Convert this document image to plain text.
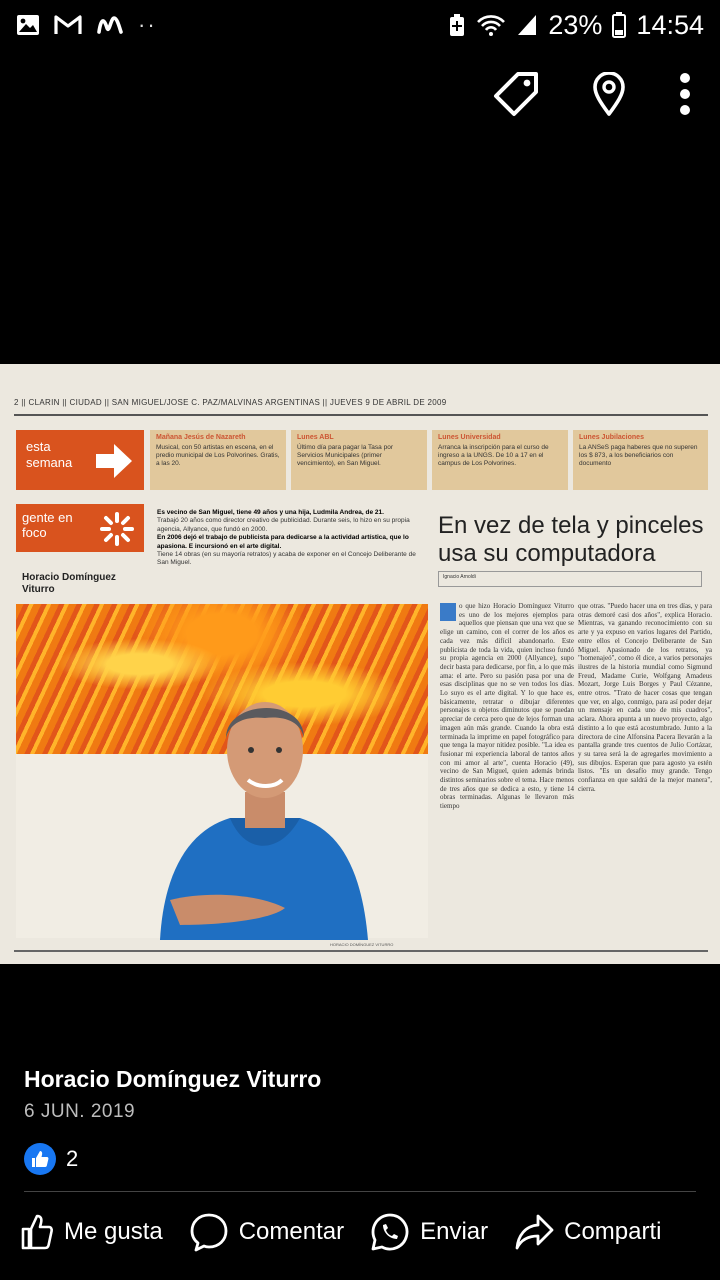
··	23% 14:54
2 || CLARIN || CIUDAD || SAN MIGUEL/JOSE C. PAZ/MALVINAS ARGENTINAS || JUEVES 9 DE ABRIL DE 2009
esta semana
Mañana Jesús de Nazareth
Musical, con 50 artistas en escena, en el predio municipal de Los Polvorines. Gratis, a las 20.
Lunes ABL
Último día para pagar la Tasa por Servicios Municipales (primer vencimiento), en San Miguel.
Lunes Universidad
Arranca la inscripción para el curso de ingreso a la UNGS. De 10 a 17 en el campus de Los Polvorines.
Lunes Jubilaciones
La ANSeS paga haberes que no superen los $ 873, a los beneficiarios con documento
gente en foco
Es vecino de San Miguel, tiene 49 años y una hija, Ludmila Andrea, de 21.
Trabajó 20 años como director creativo de publicidad. Durante seis, lo hizo en su propia agencia, Allyance, que fundó en 2000.
En 2006 dejó el trabajo de publicista para dedicarse a la actividad artística, que lo apasiona. E incursionó en el arte digital.
Tiene 14 obras (en su mayoría retratos) y acaba de exponer en el Concejo Deliberante de San Miguel.
Horacio Domínguez Viturro
En vez de tela y pinceles usa su computadora
Ignacio Arnoldi
o que hizo Horacio Domínguez Viturro es uno de los mejores ejemplos para aquellos que piensan que una vez que se elige un camino, con el correr de los años es cada vez más difícil abandonarlo. Este publicista de toda la vida, quien incluso fundó su propia agencia en 2000 (Allyance), supo decir basta para dedicarse, por fin, a lo que más ama: el arte. Pero su pasión pasa por una de esas disciplinas que no se ven todos los días. Lo suyo es el arte digital. Y lo que hace es, básicamente, retratar o dibujar diferentes personajes u objetos diminutos que se puedan apreciar de cerca pero que de lejos forman una imagen aún más grande. Cuando la obra está terminada la imprime en papel fotográfico para que tenga la mayor nitidez posible. "La idea es fusionar mi experiencia laboral de tantos años con mi amor al arte", cuenta Horacio (49), vecino de San Miguel, quien además brinda distintos seminarios sobre el tema. Hace menos de tres años que se dedica a esto, y tiene 14 obras terminadas. Algunas le llevaron más tiempo
que otras. "Puedo hacer una en tres días, y para otras demoré casi dos años", explica Horacio. Mientras, va ganando reconocimiento con su arte y ya expuso en varios lugares del Partido, entre ellos el Concejo Deliberante de San Miguel. Apasionado de los retratos, ya "homenajeó", como él dice, a varios personajes ilustres de la historia mundial como Sigmund Freud, Madame Curie, Wolfgang Amadeus Mozart, Jorge Luis Borges y Paul Cézanne, entre otros. "Trato de hacer cosas que tengan que ver, en algo, conmigo, para así poder dejar un mensaje en cada uno de mis cuadros", aclara. Ahora apunta a un nuevo proyecto, algo distinto a lo que está acostumbrado. Junto a la directora de cine Alfonsina Pacera llevarán a la pantalla grande tres cuentos de Julio Cortázar, y su tarea será la de agregarles movimiento a sus dibujos. Esperan que para agosto ya estén listos. "Es un desafío muy grande. Tengo confianza en que saldrá de la mejor manera", cierra.
HORACIO DOMÍNGUEZ VITURRO
Horacio Domínguez Viturro
6 JUN. 2019
2
Me gusta	Comentar	Enviar	Comparti
